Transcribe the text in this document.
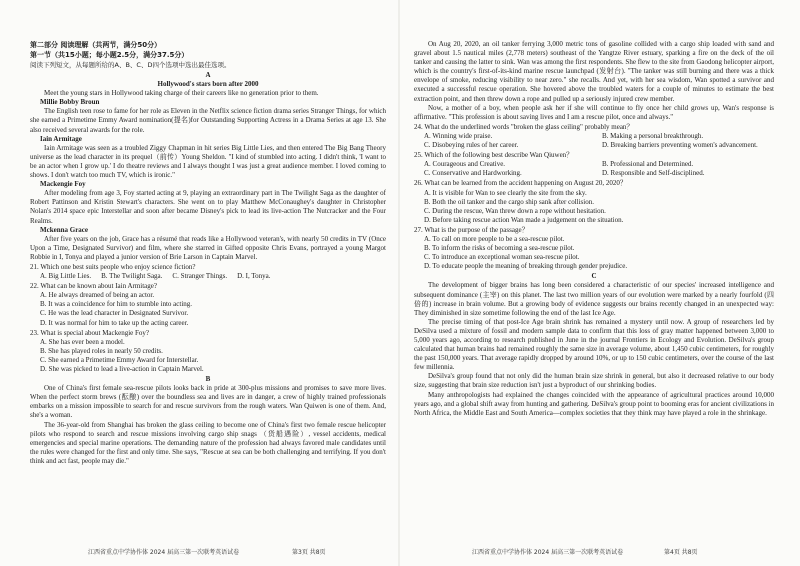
第二部分 阅读理解（共两节，满分50分）

第一节（共15小题；每小题2.5分，满分37.5分）

阅读下列短文，从每题所给的A、B、C、D四个选项中选出最佳选项。

A

Hollywood's stars born after 2000

Meet the young stars in Hollywood taking charge of their careers like no generation prior to them.

Millie Bobby Broun

The English teen rose to fame for her role as Eleven in the Netflix science fiction drama series Stranger Things, for which she earned a Primetime Emmy Award nomination(提名)for Outstanding Supporting Actress in a Drama Series at age 13. She also received several awards for the role.

Iain Armitage

Iain Armitage was seen as a troubled Ziggy Chapman in hit series Big Little Lies, and then entered The Big Bang Theory universe as the lead character in its prequel（前传）Young Sheldon. "I kind of stumbled into acting. I didn't think, 'I want to be an actor when I grow up.' I do theatre reviews and I always thought I was just a great audience member. I loved coming to shows. I don't watch too much TV, which is ironic."

Mackengie Foy

After modeling from age 3, Foy started acting at 9, playing an extraordinary part in The Twilight Saga as the daughter of Robert Pattinson and Kristin Stewart's characters. She went on to play Matthew McConaughey's daughter in Christopher Nolan's 2014 space epic Interstellar and soon after became Disney's pick to lead its live-action The Nutcracker and the Four Realms.

Mckenna Grace

After five years on the job, Grace has a résumé that reads like a Hollywood veteran's, with nearly 50 credits in TV (Once Upon a Time, Designated Survivor) and film, where she starred in Gifted opposite Chris Evans, portrayed a young Margot Robbie in I, Tonya and played a junior version of Brie Larson in Captain Marvel.

21. Which one best suits people who enjoy science fiction?

A. Big Little Lies. B. The Twilight Saga. C. Stranger Things. D. I, Tonya.

22. What can be known about Iain Armitage?

A. He always dreamed of being an actor.

B. It was a coincidence for him to stumble into acting.

C. He was the lead character in Designated Survivor.

D. It was normal for him to take up the acting career.

23. What is special about Mackengie Foy?

A. She has ever been a model.

B. She has played roles in nearly 50 credits.

C. She earned a Primetime Emmy Award for Interstellar.

D. She was picked to lead a live-action in Captain Marvel.

B

One of China's first female sea-rescue pilots looks back in pride at 300-plus missions and promises to save more lives. When the perfect storm brews (酝酿) over the boundless sea and lives are in danger, a crew of highly trained professionals embarks on a mission impossible to search for and rescue survivors from the rough waters. Wan Quiwen is one of them. And, she's a woman.

The 36-year-old from Shanghai has broken the glass ceiling to become one of China's first two female rescue helicopter pilots who respond to search and rescue missions involving cargo ship snags （货船遇险）, vessel accidents, medical emergencies and special marine operations. The demanding nature of the profession had always favored male candidates until the rules were changed for the first and only time. She says, "Rescue at sea can be both challenging and terrifying. If you don't think and act fast, people may die."

On Aug 20, 2020, an oil tanker ferrying 3,000 metric tons of gasoline collided with a cargo ship loaded with sand and gravel about 1.5 nautical miles (2,778 meters) southeast of the Yangtze River estuary, sparking a fire on the deck of the oil tanker and causing the latter to sink. Wan was among the first respondents. She flew to the site from Gaodong helicopter airport, which is the country's first-of-its-kind marine rescue launchpad (发射台). "The tanker was still burning and there was a thick envelope of smoke, reducing visibility to near zero." she recalls. And yet, with her sea wisdom, Wan spotted a survivor and executed a successful rescue operation. She hovered above the troubled waters for a couple of minutes to estimate the best extraction point, and then threw down a rope and pulled up a seriously injured crew member.

Now, a mother of a boy, when people ask her if she will continue to fly once her child grows up, Wan's response is affirmative. "This profession is about saving lives and I am a rescue pilot, once and always."

24. What do the underlined words "broken the glass ceiling" probably mean？

A. Winning wide praise.	B. Making a personal breakthrough.
C. Disobeying rules of her career.	D. Breaking barriers preventing women's advancement.

25. Which of the following best describe Wan Qiuwen？

A. Courageous and Creative.	B. Professional and Determined.
C. Conservative and Hardworking.	D. Responsible and Self-disciplined.

26. What can be learned from the accident happening on August 20, 2020？

A. It is visible for Wan to see clearly the site from the sky.

B. Both the oil tanker and the cargo ship sank after collision.

C. During the rescue, Wan threw down a rope without hesitation.

D. Before taking rescue action Wan made a judgement on the situation.

27. What is the purpose of the passage？

A. To call on more people to be a sea-rescue pilot.

B. To inform the risks of becoming a sea-rescue pilot.

C. To introduce an exceptional woman sea-rescue pilot.

D. To educate people the meaning of breaking through gender prejudice.

C

The development of bigger brains has long been considered a characteristic of our species' increased intelligence and subsequent dominance (主宰) on this planet. The last two million years of our evolution were marked by a nearly fourfold (四倍的) increase in brain volume. But a growing body of evidence suggests our brains recently changed in an unexpected way: They diminished in size sometime following the end of the last Ice Age.

The precise timing of that post-Ice Age brain shrink has remained a mystery until now. A group of researchers led by DeSilva used a mixture of fossil and modern sample data to confirm that this loss of gray matter happened between 3,000 to 5,000 years ago, according to research published in June in the journal Frontiers in Ecology and Evolution. DeSilva's group calculated that human brains had remained roughly the same size in average volume, about 1,450 cubic centimeters, for roughly the past 150,000 years. That average rapidly dropped by around 10%, or up to 150 cubic centimeters, over the course of the last few millennia.

DeSilva's group found that not only did the human brain size shrink in general, but also it decreased relative to our body size, suggesting that brain size reduction isn't just a byproduct of our shrinking bodies.

Many anthropologists had explained the changes coincided with the appearance of agricultural practices around 10,000 years ago, and a global shift away from hunting and gathering. DeSilva's group point to booming eras for ancient civilizations in North Africa, the Middle East and South America—complex societies that they think may have played a role in the shrinkage.

江西省重点中学协作体 2024 届高三第一次联考英语试卷	第3页 共8页	江西省重点中学协作体 2024 届高三第一次联考英语试卷	第4页 共8页
